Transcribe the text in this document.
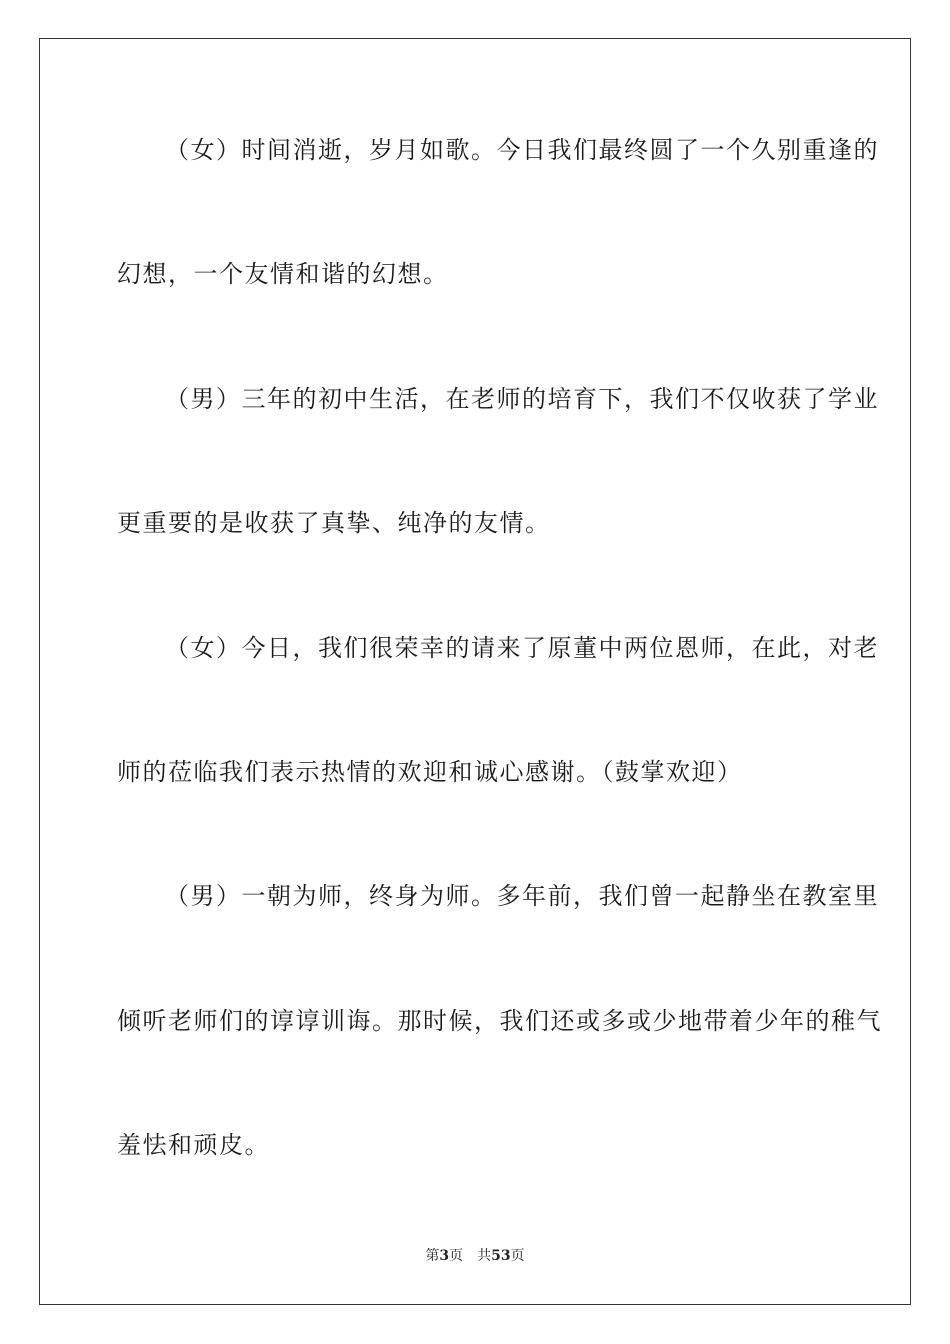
（女）时间消逝，岁月如歌。今日我们最终圆了一个久别重逢的
幻想，一个友情和谐的幻想。
（男）三年的初中生活，在老师的培育下，我们不仅收获了学业
更重要的是收获了真挚、纯净的友情。
（女）今日，我们很荣幸的请来了原董中两位恩师，在此，对老
师的莅临我们表示热情的欢迎和诚心感谢。（鼓掌欢迎）
（男）一朝为师，终身为师。多年前，我们曾一起静坐在教室里
倾听老师们的谆谆训诲。那时候，我们还或多或少地带着少年的稚气
羞怯和顽皮。
第3页 共53页
